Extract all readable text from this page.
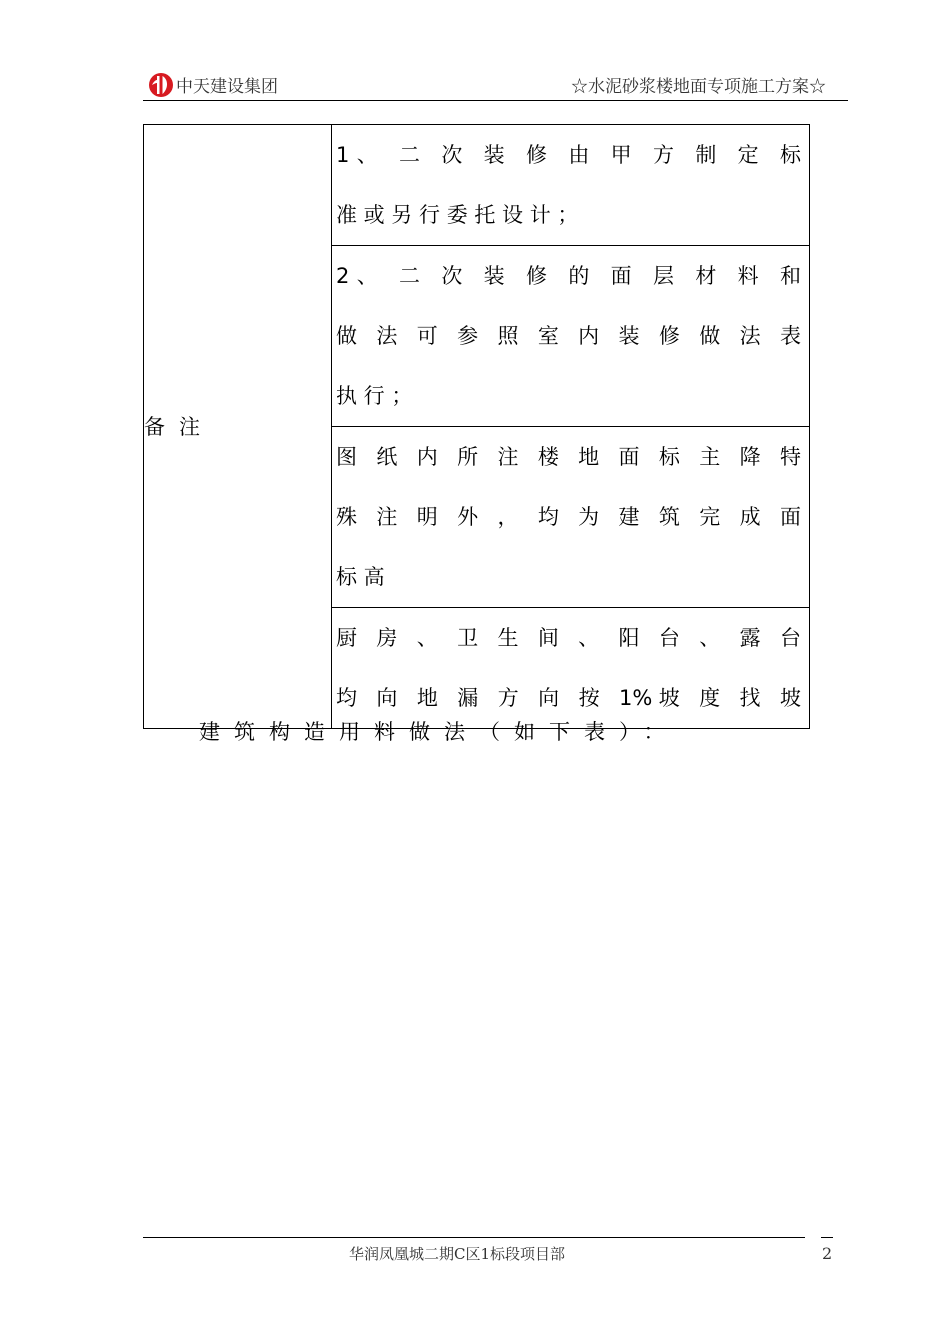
中天建设集团	☆水泥砂浆楼地面专项施工方案☆
备注

1、 二 次 装 修 由 甲 方 制 定 标
准 或 另 行 委 托 设 计 ；

2、 二 次 装 修 的 面 层 材 料 和
做 法 可 参 照 室 内 装 修 做 法 表
执 行 ；

图 纸 内 所 注 楼 地 面 标 主 降 特
殊 注 明 外 ， 均 为 建 筑 完 成 面
标 高

厨 房 、 卫 生 间 、 阳 台 、 露 台
均 向 地 漏 方 向 按 1%坡 度 找 坡
建筑构造用料做法（如下表）：
华润凤凰城二期C区1标段项目部	2
